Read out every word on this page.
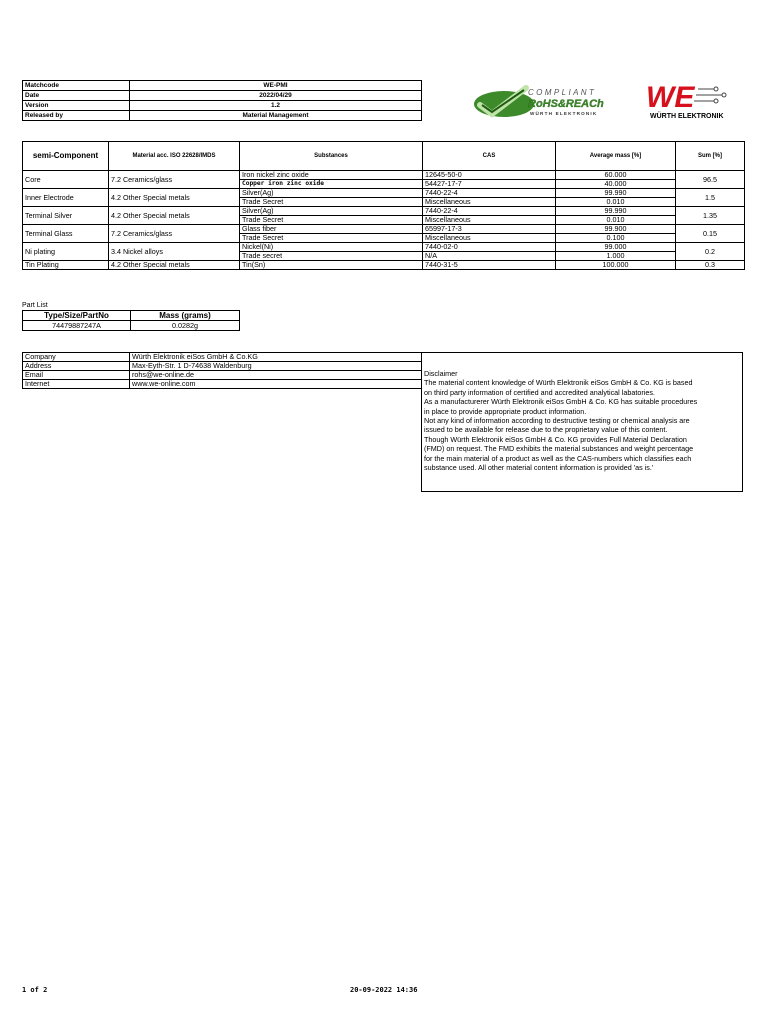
Matchcode	WE-PMI
Date	2022/04/29
Version	1.2
Released by	Material Management
COMPLIANT
RoHS&REACh
WÜRTH ELEKTRONIK WE
WÜRTH ELEKTRONIK
semi-Component	Material acc. ISO 22628/IMDS	Substances	CAS	Average mass [%]	Sum [%]
Core	7.2 Ceramics/glass	Iron nickel zinc oxide	12645-50-0	60.000	96.5
		Copper iron zinc oxide	54427-17-7	40.000	
Inner Electrode	4.2 Other Special metals	Silver(Ag)	7440-22-4	99.990	1.5
		Trade Secret	Miscellaneous	0.010	
Terminal Silver	4.2 Other Special metals	Silver(Ag)	7440-22-4	99.990	1.35
		Trade Secret	Miscellaneous	0.010	
Terminal Glass	7.2 Ceramics/glass	Glass fiber	65997-17-3	99.900	0.15
		Trade Secret	Miscellaneous	0.100	
Ni plating	3.4 Nickel alloys	Nickel(Ni)	7440-02-0	99.000	0.2
		Trade secret	N/A	1.000	
Tin Plating	4.2 Other Special metals	Tin(Sn)	7440-31-5	100.000	0.3
Part List
Type/Size/PartNo	Mass (grams)
74479887247A	0.0282g
Company	Würth Elektronik eiSos GmbH & Co.KG
Address	Max-Eyth-Str. 1 D-74638 Waldenburg
Email	rohs@we-online.de
Internet	www.we-online.com
Disclaimer
The material content knowledge of Würth Elektronik eiSos GmbH & Co. KG is based
on third party information of certified and accredited analytical labatories.
As a manufacturerer Würth Elektronik eiSos GmbH & Co. KG has suitable procedures
in place to provide appropriate product information.
Not any kind of information according to destructive testing or chemical analysis are
issued to be available for release due to the proprietary value of this content.
Though Würth Elektronik eiSos GmbH & Co. KG provides Full Material Declaration
(FMD) on request. The FMD exhibits the material substances and weight percentage
for the main material of a product as well as the CAS-numbers which classifies each
substance used. All other material content information is provided 'as is.'
1 of 2	20-09-2022 14:36
